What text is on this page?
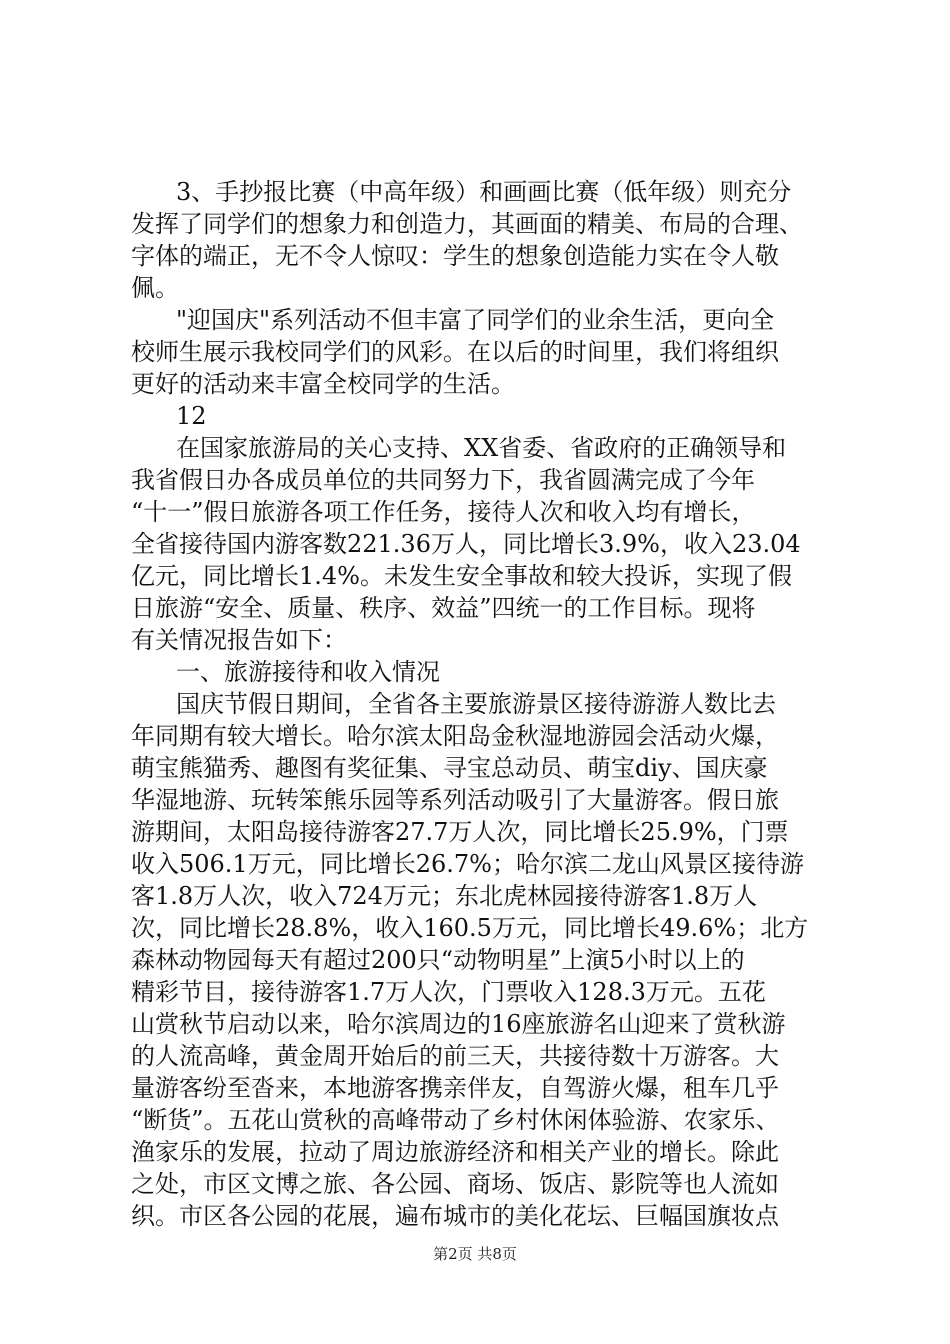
3、手抄报比赛（中高年级）和画画比赛（低年级）则充分
发挥了同学们的想象力和创造力，其画面的精美、布局的合理、
字体的端正，无不令人惊叹：学生的想象创造能力实在令人敬
佩。
"迎国庆"系列活动不但丰富了同学们的业余生活，更向全
校师生展示我校同学们的风彩。在以后的时间里，我们将组织
更好的活动来丰富全校同学的生活。
12
在国家旅游局的关心支持、XX省委、省政府的正确领导和
我省假日办各成员单位的共同努力下，我省圆满完成了今年
“十一”假日旅游各项工作任务，接待人次和收入均有增长，
全省接待国内游客数221.36万人，同比增长3.9%，收入23.04
亿元，同比增长1.4%。未发生安全事故和较大投诉，实现了假
日旅游“安全、质量、秩序、效益”四统一的工作目标。现将
有关情况报告如下：
一、旅游接待和收入情况
国庆节假日期间，全省各主要旅游景区接待游游人数比去
年同期有较大增长。哈尔滨太阳岛金秋湿地游园会活动火爆，
萌宝熊猫秀、趣图有奖征集、寻宝总动员、萌宝diy、国庆豪
华湿地游、玩转笨熊乐园等系列活动吸引了大量游客。假日旅
游期间，太阳岛接待游客27.7万人次，同比增长25.9%，门票
收入506.1万元，同比增长26.7%；哈尔滨二龙山风景区接待游
客1.8万人次，收入724万元；东北虎林园接待游客1.8万人
次，同比增长28.8%，收入160.5万元，同比增长49.6%；北方
森林动物园每天有超过200只“动物明星”上演5小时以上的
精彩节目，接待游客1.7万人次，门票收入128.3万元。五花
山赏秋节启动以来，哈尔滨周边的16座旅游名山迎来了赏秋游
的人流高峰，黄金周开始后的前三天，共接待数十万游客。大
量游客纷至沓来，本地游客携亲伴友，自驾游火爆，租车几乎
“断货”。五花山赏秋的高峰带动了乡村休闲体验游、农家乐、
渔家乐的发展，拉动了周边旅游经济和相关产业的增长。除此
之处，市区文博之旅、各公园、商场、饭店、影院等也人流如
织。市区各公园的花展，遍布城市的美化花坛、巨幅国旗妆点
第2页 共8页
